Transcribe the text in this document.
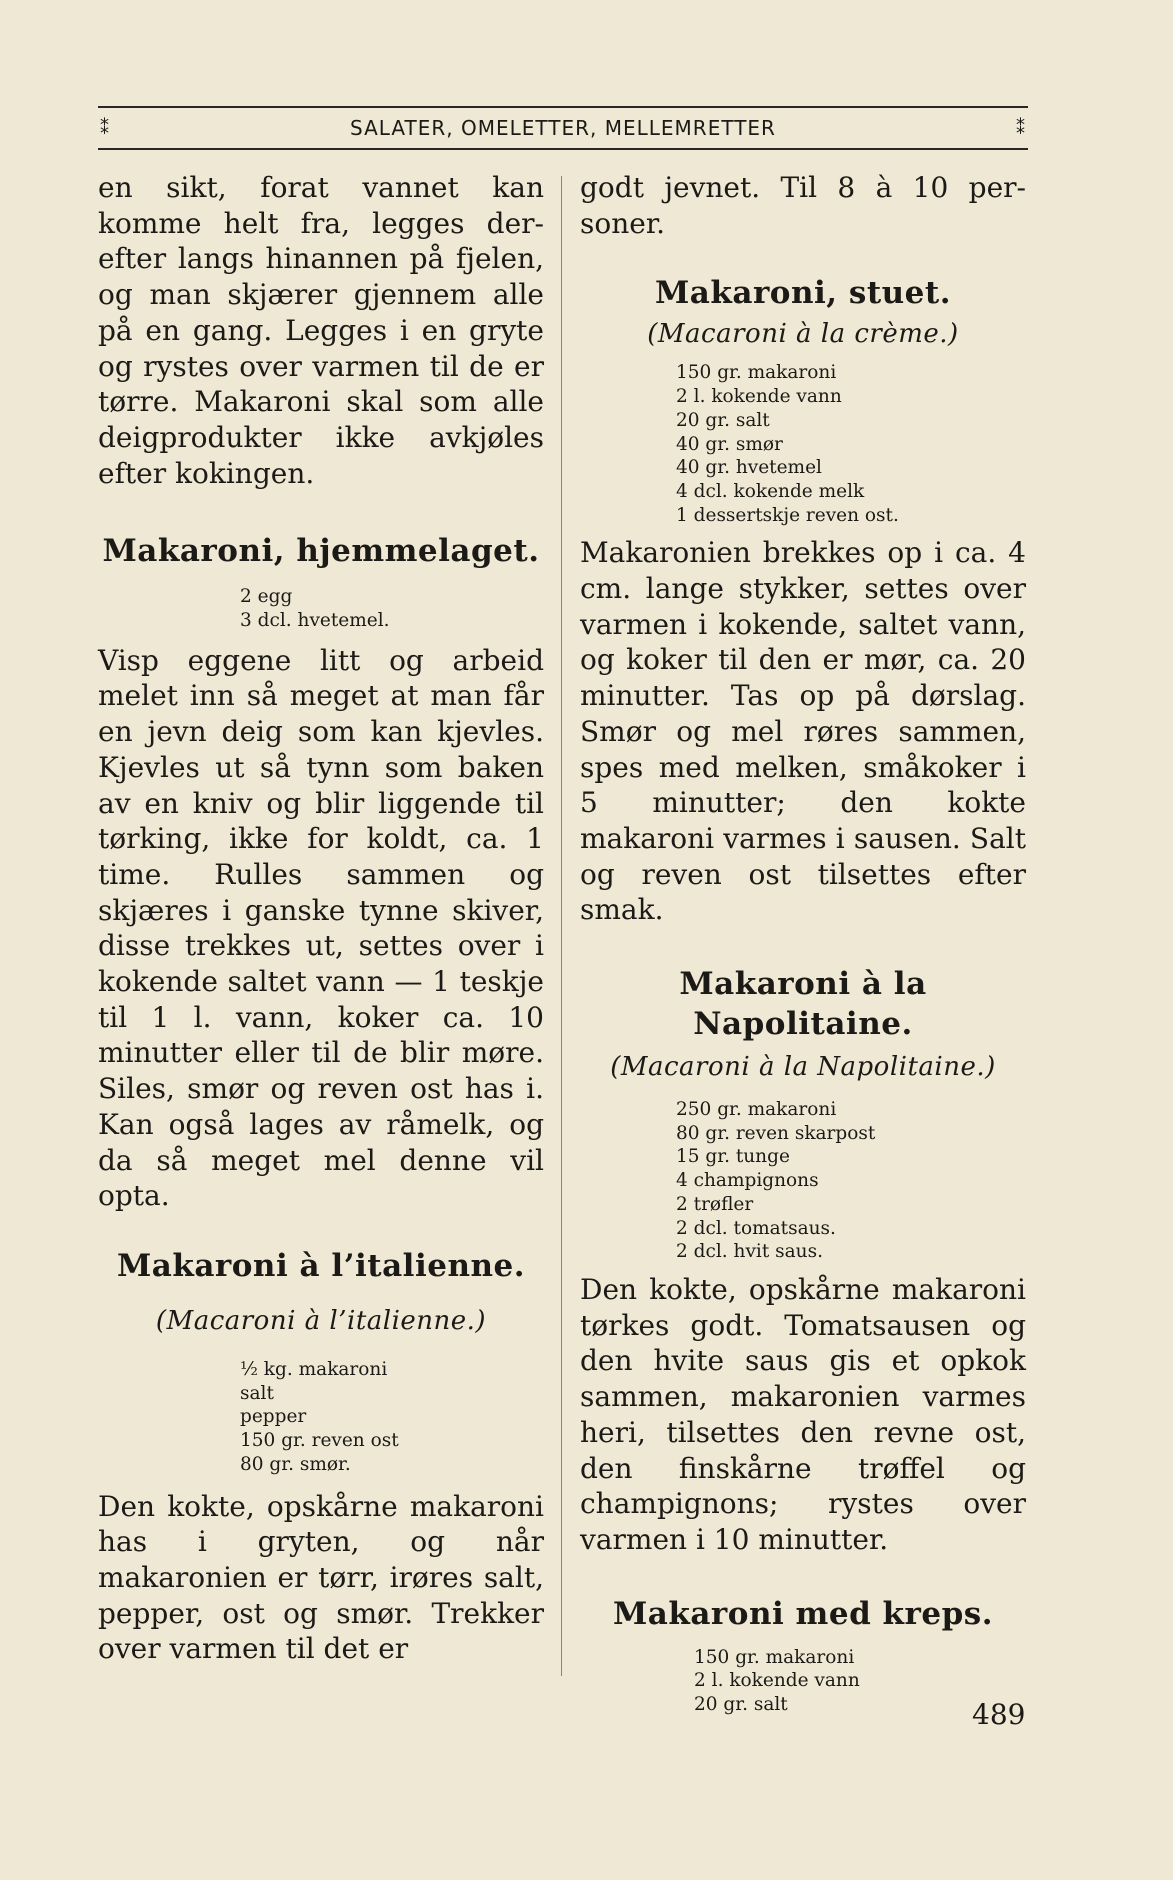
⁑	SALATER, OMELETTER, MELLEMRETTER	⁑

en sikt, forat vannet kan komme helt fra, legges derefter langs hinannen på fjelen, og man skjærer gjennem alle på en gang. Legges i en gryte og rystes over varmen til de er tørre. Makaroni skal som alle deigprodukter ikke avkjøles efter kokingen.

Makaroni, hjemmelaget.
2 egg
3 dcl. hvetemel.

Visp eggene litt og arbeid melet inn så meget at man får en jevn deig som kan kjevles. Kjevles ut så tynn som baken av en kniv og blir liggende til tørking, ikke for koldt, ca. 1 time. Rulles sammen og skjæres i ganske tynne skiver, disse trekkes ut, settes over i kokende saltet vann — 1 teskje til 1 l. vann, koker ca. 10 minutter eller til de blir møre. Siles, smør og reven ost has i. Kan også lages av råmelk, og da så meget mel denne vil opta.

Makaroni à l’italienne.
(Macaroni à l’italienne.)
½ kg. makaroni
salt
pepper
150 gr. reven ost
80 gr. smør.

Den kokte, opskårne makaroni has i gryten, og når makaronien er tørr, irøres salt, pepper, ost og smør. Trekker over varmen til det er

godt jevnet. Til 8 à 10 personer.

Makaroni, stuet.
(Macaroni à la crème.)
150 gr. makaroni
2 l. kokende vann
20 gr. salt
40 gr. smør
40 gr. hvetemel
4 dcl. kokende melk
1 dessertskje reven ost.

Makaronien brekkes op i ca. 4 cm. lange stykker, settes over varmen i kokende, saltet vann, og koker til den er mør, ca. 20 minutter. Tas op på dørslag. Smør og mel røres sammen, spes med melken, småkoker i 5 minutter; den kokte makaroni varmes i sausen. Salt og reven ost tilsettes efter smak.

Makaroni à la Napolitaine.
(Macaroni à la Napolitaine.)
250 gr. makaroni
80 gr. reven skarpost
15 gr. tunge
4 champignons
2 trøfler
2 dcl. tomatsaus.
2 dcl. hvit saus.

Den kokte, opskårne makaroni tørkes godt. Tomatsausen og den hvite saus gis et opkok sammen, makaronien varmes heri, tilsettes den revne ost, den finskårne trøffel og champignons; rystes over varmen i 10 minutter.

Makaroni med kreps.
150 gr. makaroni
2 l. kokende vann
20 gr. salt	489
